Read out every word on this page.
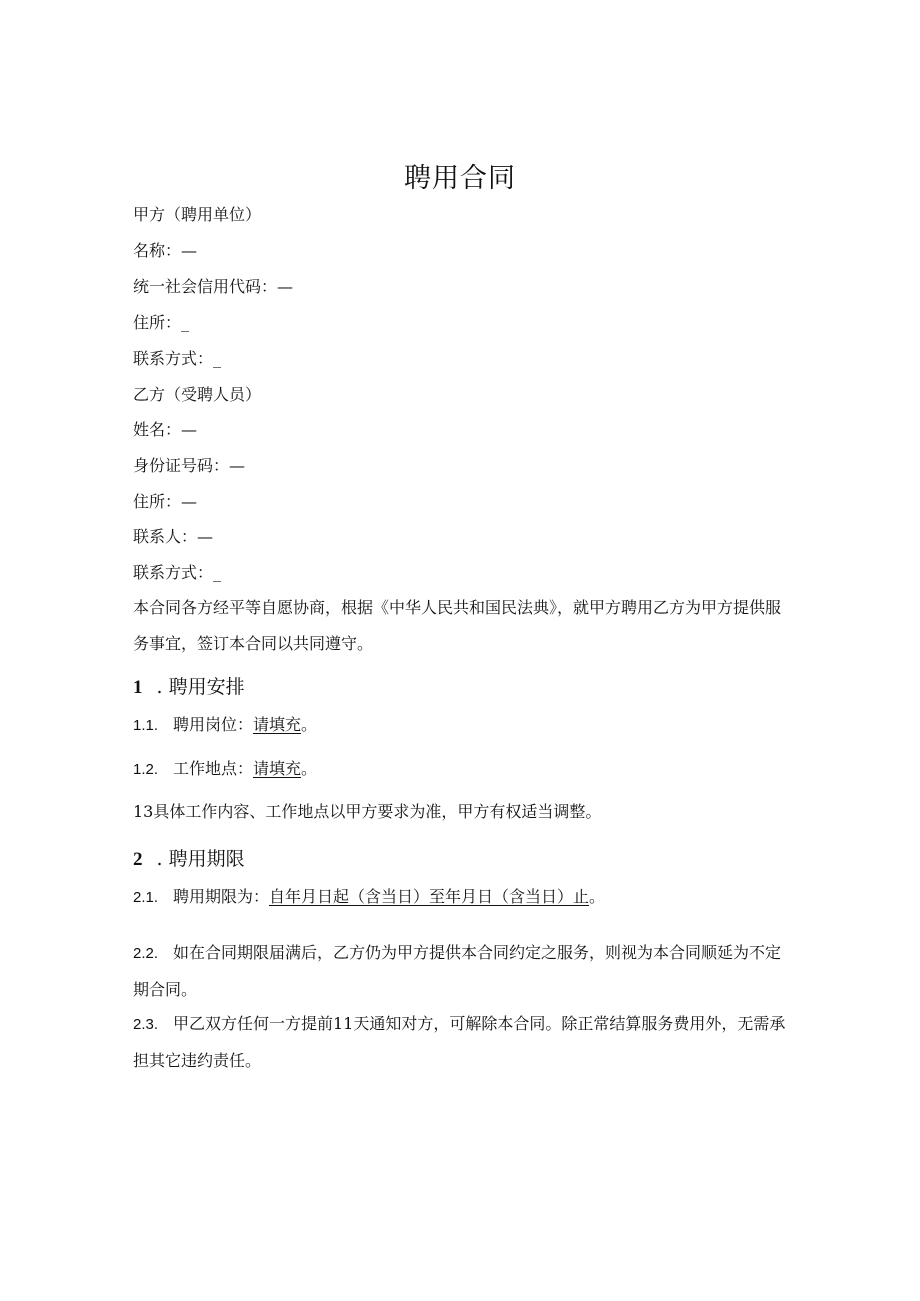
聘用合同
甲方（聘用单位）
名称：—
统一社会信用代码：—
住所：_
联系方式：_
乙方（受聘人员）
姓名：—
身份证号码：—
住所：—
联系人：—
联系方式：_
本合同各方经平等自愿协商，根据《中华人民共和国民法典》，就甲方聘用乙方为甲方提供服务事宜，签订本合同以共同遵守。
1 . 聘用安排
1.1. 聘用岗位：请填充。
1.2. 工作地点：请填充。
13具体工作内容、工作地点以甲方要求为准，甲方有权适当调整。
2 . 聘用期限
2.1. 聘用期限为：自年月日起（含当日）至年月日（含当日）止。
2.2. 如在合同期限届满后，乙方仍为甲方提供本合同约定之服务，则视为本合同顺延为不定期合同。
2.3. 甲乙双方任何一方提前11天通知对方，可解除本合同。除正常结算服务费用外，无需承担其它违约责任。
